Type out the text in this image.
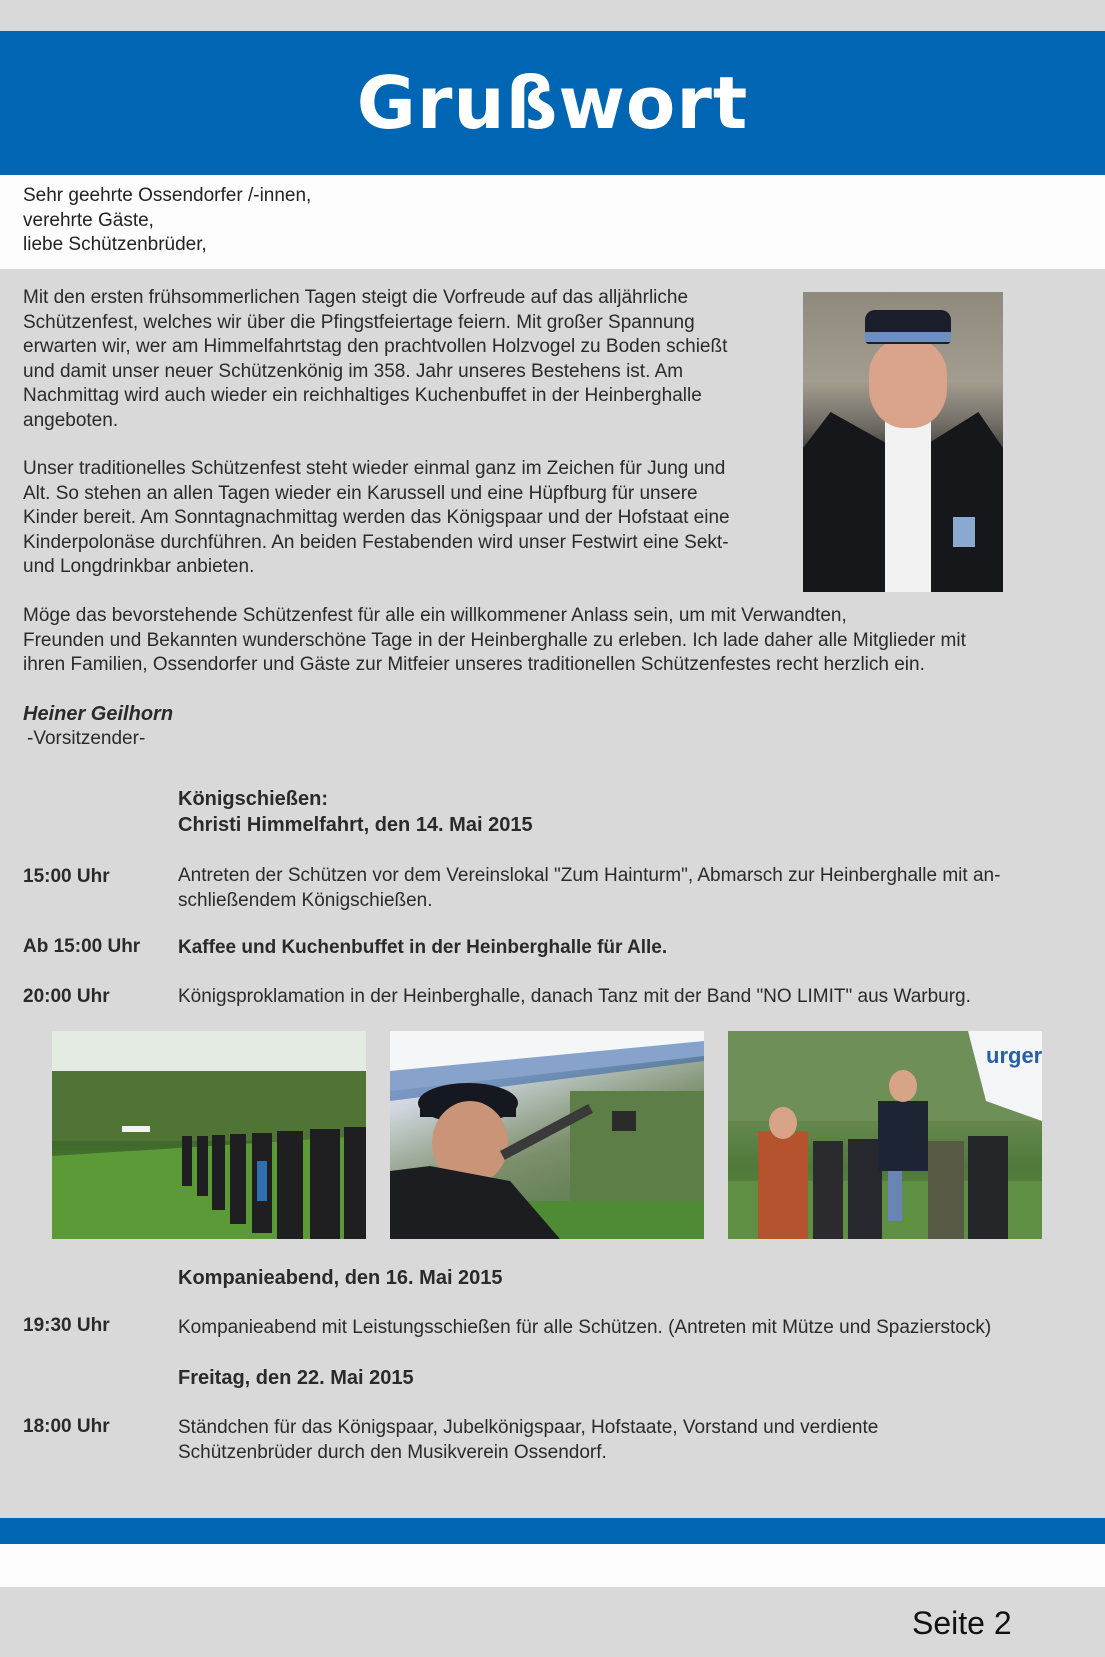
Grußwort
Sehr geehrte Ossendorfer /-innen,
verehrte Gäste,
liebe Schützenbrüder,
Mit den ersten frühsommerlichen Tagen steigt die Vorfreude auf das alljährliche
Schützenfest, welches wir über die Pfingstfeiertage feiern. Mit großer Spannung
erwarten wir, wer am Himmelfahrtstag den prachtvollen Holzvogel zu Boden schießt
und damit unser neuer Schützenkönig im 358. Jahr unseres Bestehens ist. Am
Nachmittag wird auch wieder ein reichhaltiges Kuchenbuffet in der Heinberghalle
angeboten.
Unser traditionelles Schützenfest steht wieder einmal ganz im Zeichen für Jung und
Alt. So stehen an allen Tagen wieder ein Karussell und eine Hüpfburg für unsere
Kinder bereit. Am Sonntagnachmittag werden das Königspaar und der Hofstaat eine
Kinderpolonäse durchführen. An beiden Festabenden wird unser Festwirt eine Sekt-
und Longdrinkbar anbieten.
Möge das bevorstehende Schützenfest für alle ein willkommener Anlass sein, um mit Verwandten,
Freunden und Bekannten wunderschöne Tage in der Heinberghalle zu erleben. Ich lade daher alle Mitglieder mit
ihren Familien, Ossendorfer und Gäste zur Mitfeier unseres traditionellen Schützenfestes recht herzlich ein.
Heiner Geilhorn
-Vorsitzender-
Königschießen:
Christi Himmelfahrt, den 14. Mai 2015
15:00 Uhr	Antreten der Schützen vor dem Vereinslokal "Zum Hainturm", Abmarsch zur Heinberghalle mit an-
schließendem Königschießen.
Ab 15:00 Uhr Kaffee und Kuchenbuffet in der Heinberghalle für Alle.
20:00 Uhr	Königsproklamation in der Heinberghalle, danach Tanz mit der Band "NO LIMIT" aus Warburg.
urger
Kompanieabend, den 16. Mai 2015
19:30 Uhr	Kompanieabend mit Leistungsschießen für alle Schützen. (Antreten mit Mütze und Spazierstock)
Freitag, den 22. Mai 2015
18:00 Uhr	Ständchen für das Königspaar, Jubelkönigspaar, Hofstaate, Vorstand und verdiente
Schützenbrüder durch den Musikverein Ossendorf.
Seite 2
